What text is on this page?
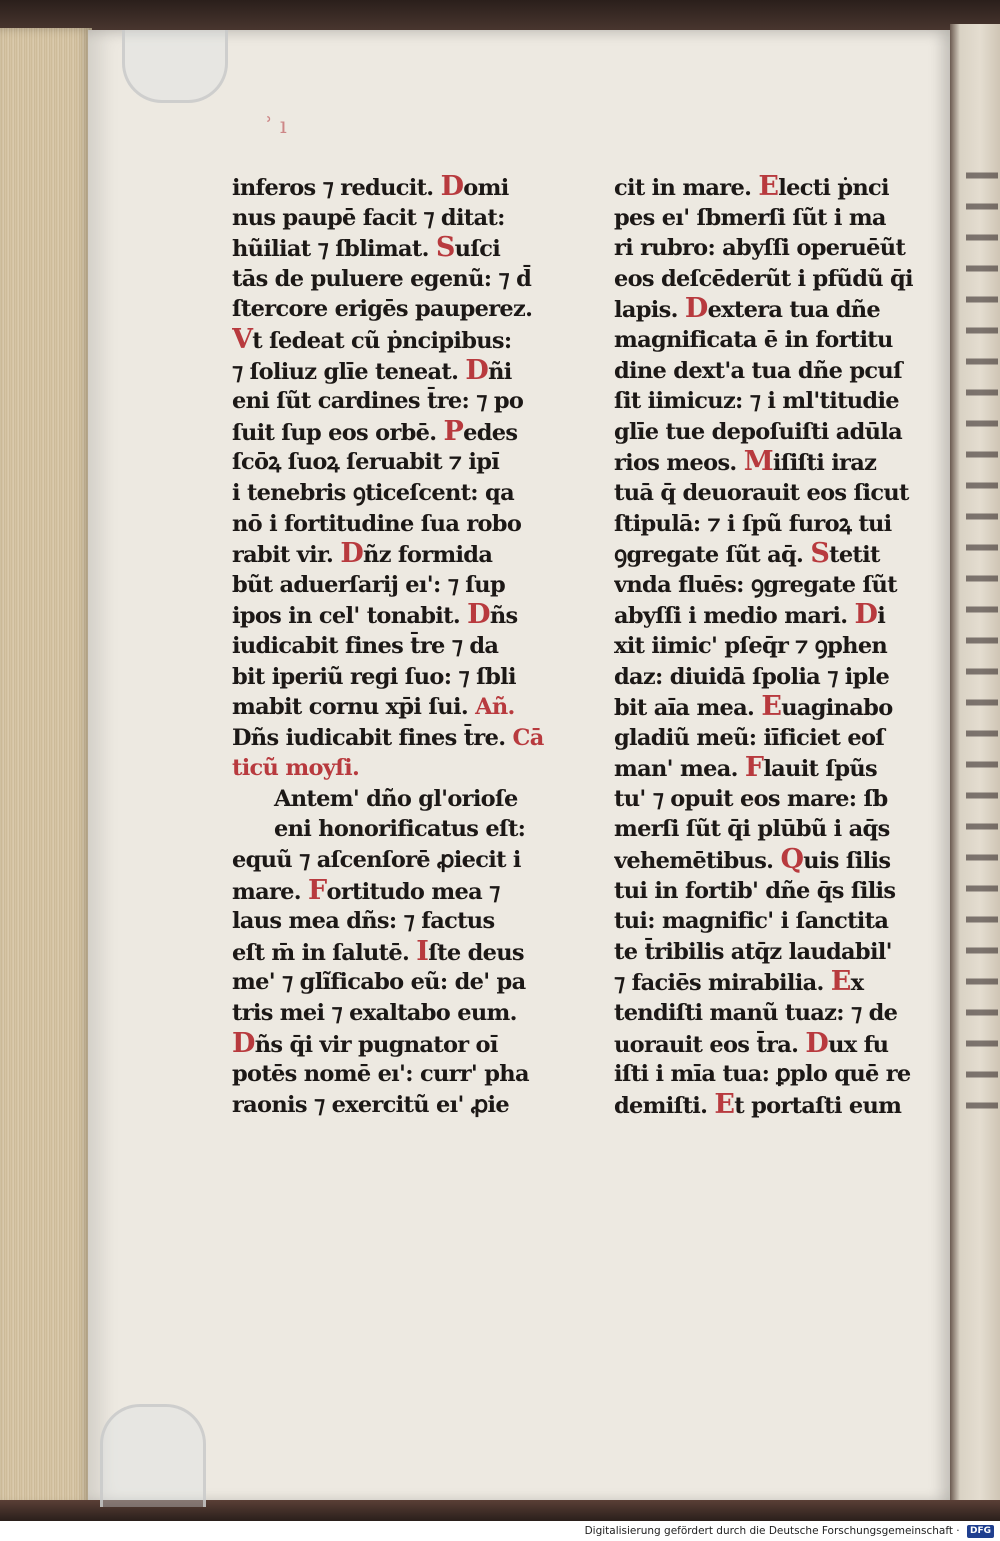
ʾ ı
inferos ⁊ reducit. Domi
nus paupē facit ⁊ ditat:
hũiliat ⁊ ſblimat. Suſci
tās de puluere egenũ: ⁊ d̄
ſtercore erigēs pauperez.
Vt ſedeat cũ ṗncipibus:
⁊ ſoliuz glīe teneat. Dñi
eni ſũt cardines t̄re: ⁊ po
ſuit ſup eos orbē. Pedes
ſcōꝝ ſuoꝝ ſeruabit ⁊ ipı̄
i tenebris ꝯticeſcent: qa
nō i fortitudine ſua robo
rabit vir. Dñz formida
bũt aduerſarij eı': ⁊ ſup
ipos in cel' tonabit. Dñs
iudicabit fines t̄re ⁊ da
bit iperiũ regi ſuo: ⁊ ſbli
mabit cornu xp̄i ſui. Añ.
Dñs iudicabit fines t̄re. Cā
ticũ moyſi.
Antem' dño gl'orioſe
eni honorificatus eſt:
equũ ⁊ aſcenſorē ꝓiecit i
mare. Fortitudo mea ⁊
laus mea dñs: ⁊ factus
eſt m̄ in ſalutē. Iſte deus
me' ⁊ glĩficabo eũ: de' pa
tris mei ⁊ exaltabo eum.
Dñs q̄i vir pugnator oı̄
potēs nomē eı': curr' pha
raonis ⁊ exercitũ eı' ꝓie
cit in mare. Electi ṗnci
pes eı' ſbmerſi ſũt i ma
ri rubro: abyſſi operuēũt
eos deſcēderũt i pfũdũ q̄i
lapis. Dextera tua dñe
magnificata ē in fortitu
dine dext'a tua dñe pcuſ
ſit iimicuz: ⁊ i ml'titudie
glīe tue depoſuiſti adūla
rios meos. Miſiſti iraz
tuā q̄ deuorauit eos ſicut
ſtipulā: ⁊ i ſpũ furoꝝ tui
ꝯgregate ſũt aq̄. Stetit
vnda fluēs: ꝯgregate ſũt
abyſſi i medio mari. Di
xit iimic' pſeq̄r ⁊ ꝯphen
daz: diuidā ſpolia ⁊ iple
bit aı̄a mea. Euaginabo
gladiũ meũ: iīficiet eoſ
man' mea. Flauit ſpũs
tu' ⁊ opuit eos mare: ſb
merſi ſũt q̄i plūbũ i aq̄s
vehemētibus. Quis ſilis
tui in fortib' dñe q̄s ſilis
tui: magnific' i ſanctita
te t̄ribilis atq̄z laudabil'
⁊ faciēs mirabilia. Ex
tendiſti manũ tuaz: ⁊ de
uorauit eos t̄ra. Dux fu
iſti i mīa tua: ꝑplo quē re
demiſti. Et portaſti eum
Digitalisierung gefördert durch die Deutsche Forschungsgemeinschaft · DFG
